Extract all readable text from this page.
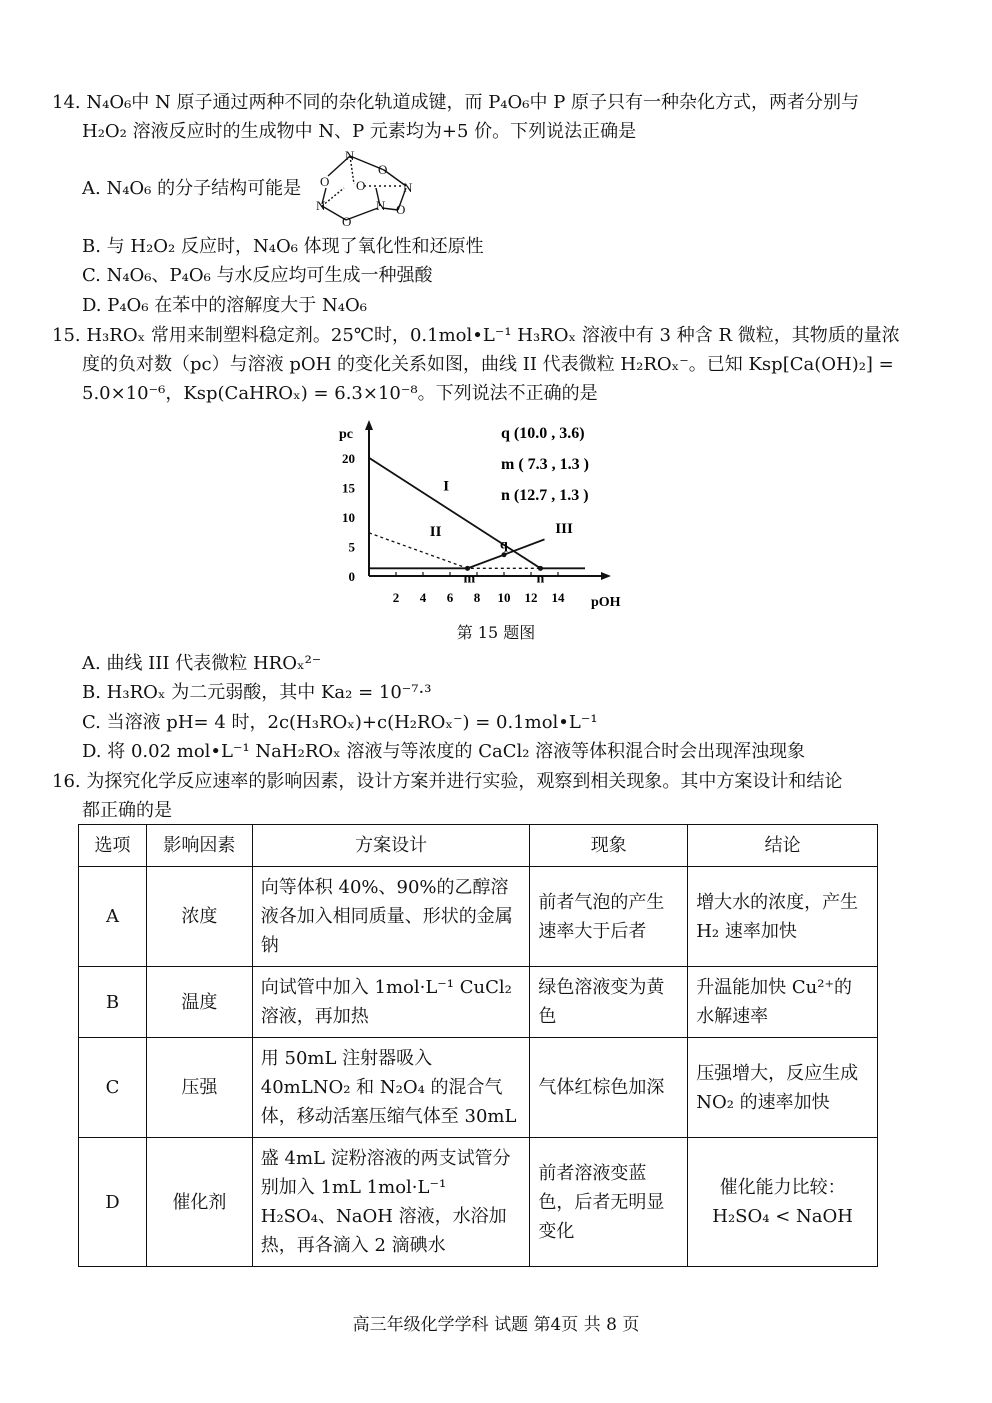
14. N₄O₆中 N 原子通过两种不同的杂化轨道成键，而 P₄O₆中 P 原子只有一种杂化方式，两者分别与
H₂O₂ 溶液反应时的生成物中 N、P 元素均为+5 价。下列说法正确是
A. N₄O₆ 的分子结构可能是
N
O
O O	N
N	N O
O
B. 与 H₂O₂ 反应时，N₄O₆ 体现了氧化性和还原性
C. N₄O₆、P₄O₆ 与水反应均可生成一种强酸
D. P₄O₆ 在苯中的溶解度大于 N₄O₆
15. H₃ROₓ 常用来制塑料稳定剂。25℃时，0.1mol•L⁻¹ H₃ROₓ 溶液中有 3 种含 R 微粒，其物质的量浓
度的负对数（pc）与溶液 pOH 的变化关系如图，曲线 II 代表微粒 H₂ROₓ⁻。已知 Ksp[Ca(OH)₂] =
5.0×10⁻⁶，Ksp(CaHROₓ) = 6.3×10⁻⁸。下列说法不正确的是
pc
pOH
2 4 6 8 10 12 14
0
5
10
15
20
I
II	III
q
m	n
q (10.0 , 3.6)
m ( 7.3 , 1.3 )
n (12.7 , 1.3 )
第 15 题图
A. 曲线 III 代表微粒 HROₓ²⁻
B. H₃ROₓ 为二元弱酸，其中 Ka₂ = 10⁻⁷·³
C. 当溶液 pH= 4 时，2c(H₃ROₓ)+c(H₂ROₓ⁻) = 0.1mol•L⁻¹
D. 将 0.02 mol•L⁻¹ NaH₂ROₓ 溶液与等浓度的 CaCl₂ 溶液等体积混合时会出现浑浊现象
16. 为探究化学反应速率的影响因素，设计方案并进行实验，观察到相关现象。其中方案设计和结论
都正确的是
选项	影响因素	方案设计	现象	结论
A	浓度	向等体积 40%、90%的乙醇溶液各加入相同质量、形状的金属钠	前者气泡的产生速率大于后者	增大水的浓度，产生 H₂ 速率加快
B	温度	向试管中加入 1mol·L⁻¹ CuCl₂ 溶液，再加热	绿色溶液变为黄色	升温能加快 Cu²⁺的水解速率
C	压强	用 50mL 注射器吸入 40mLNO₂ 和 N₂O₄ 的混合气体，移动活塞压缩气体至 30mL	气体红棕色加深	压强增大，反应生成 NO₂ 的速率加快
D	催化剂	盛 4mL 淀粉溶液的两支试管分别加入 1mL 1mol·L⁻¹ H₂SO₄、NaOH 溶液，水浴加热，再各滴入 2 滴碘水	前者溶液变蓝色，后者无明显变化	催化能力比较：H₂SO₄ < NaOH
高三年级化学学科 试题 第4页 共 8 页
